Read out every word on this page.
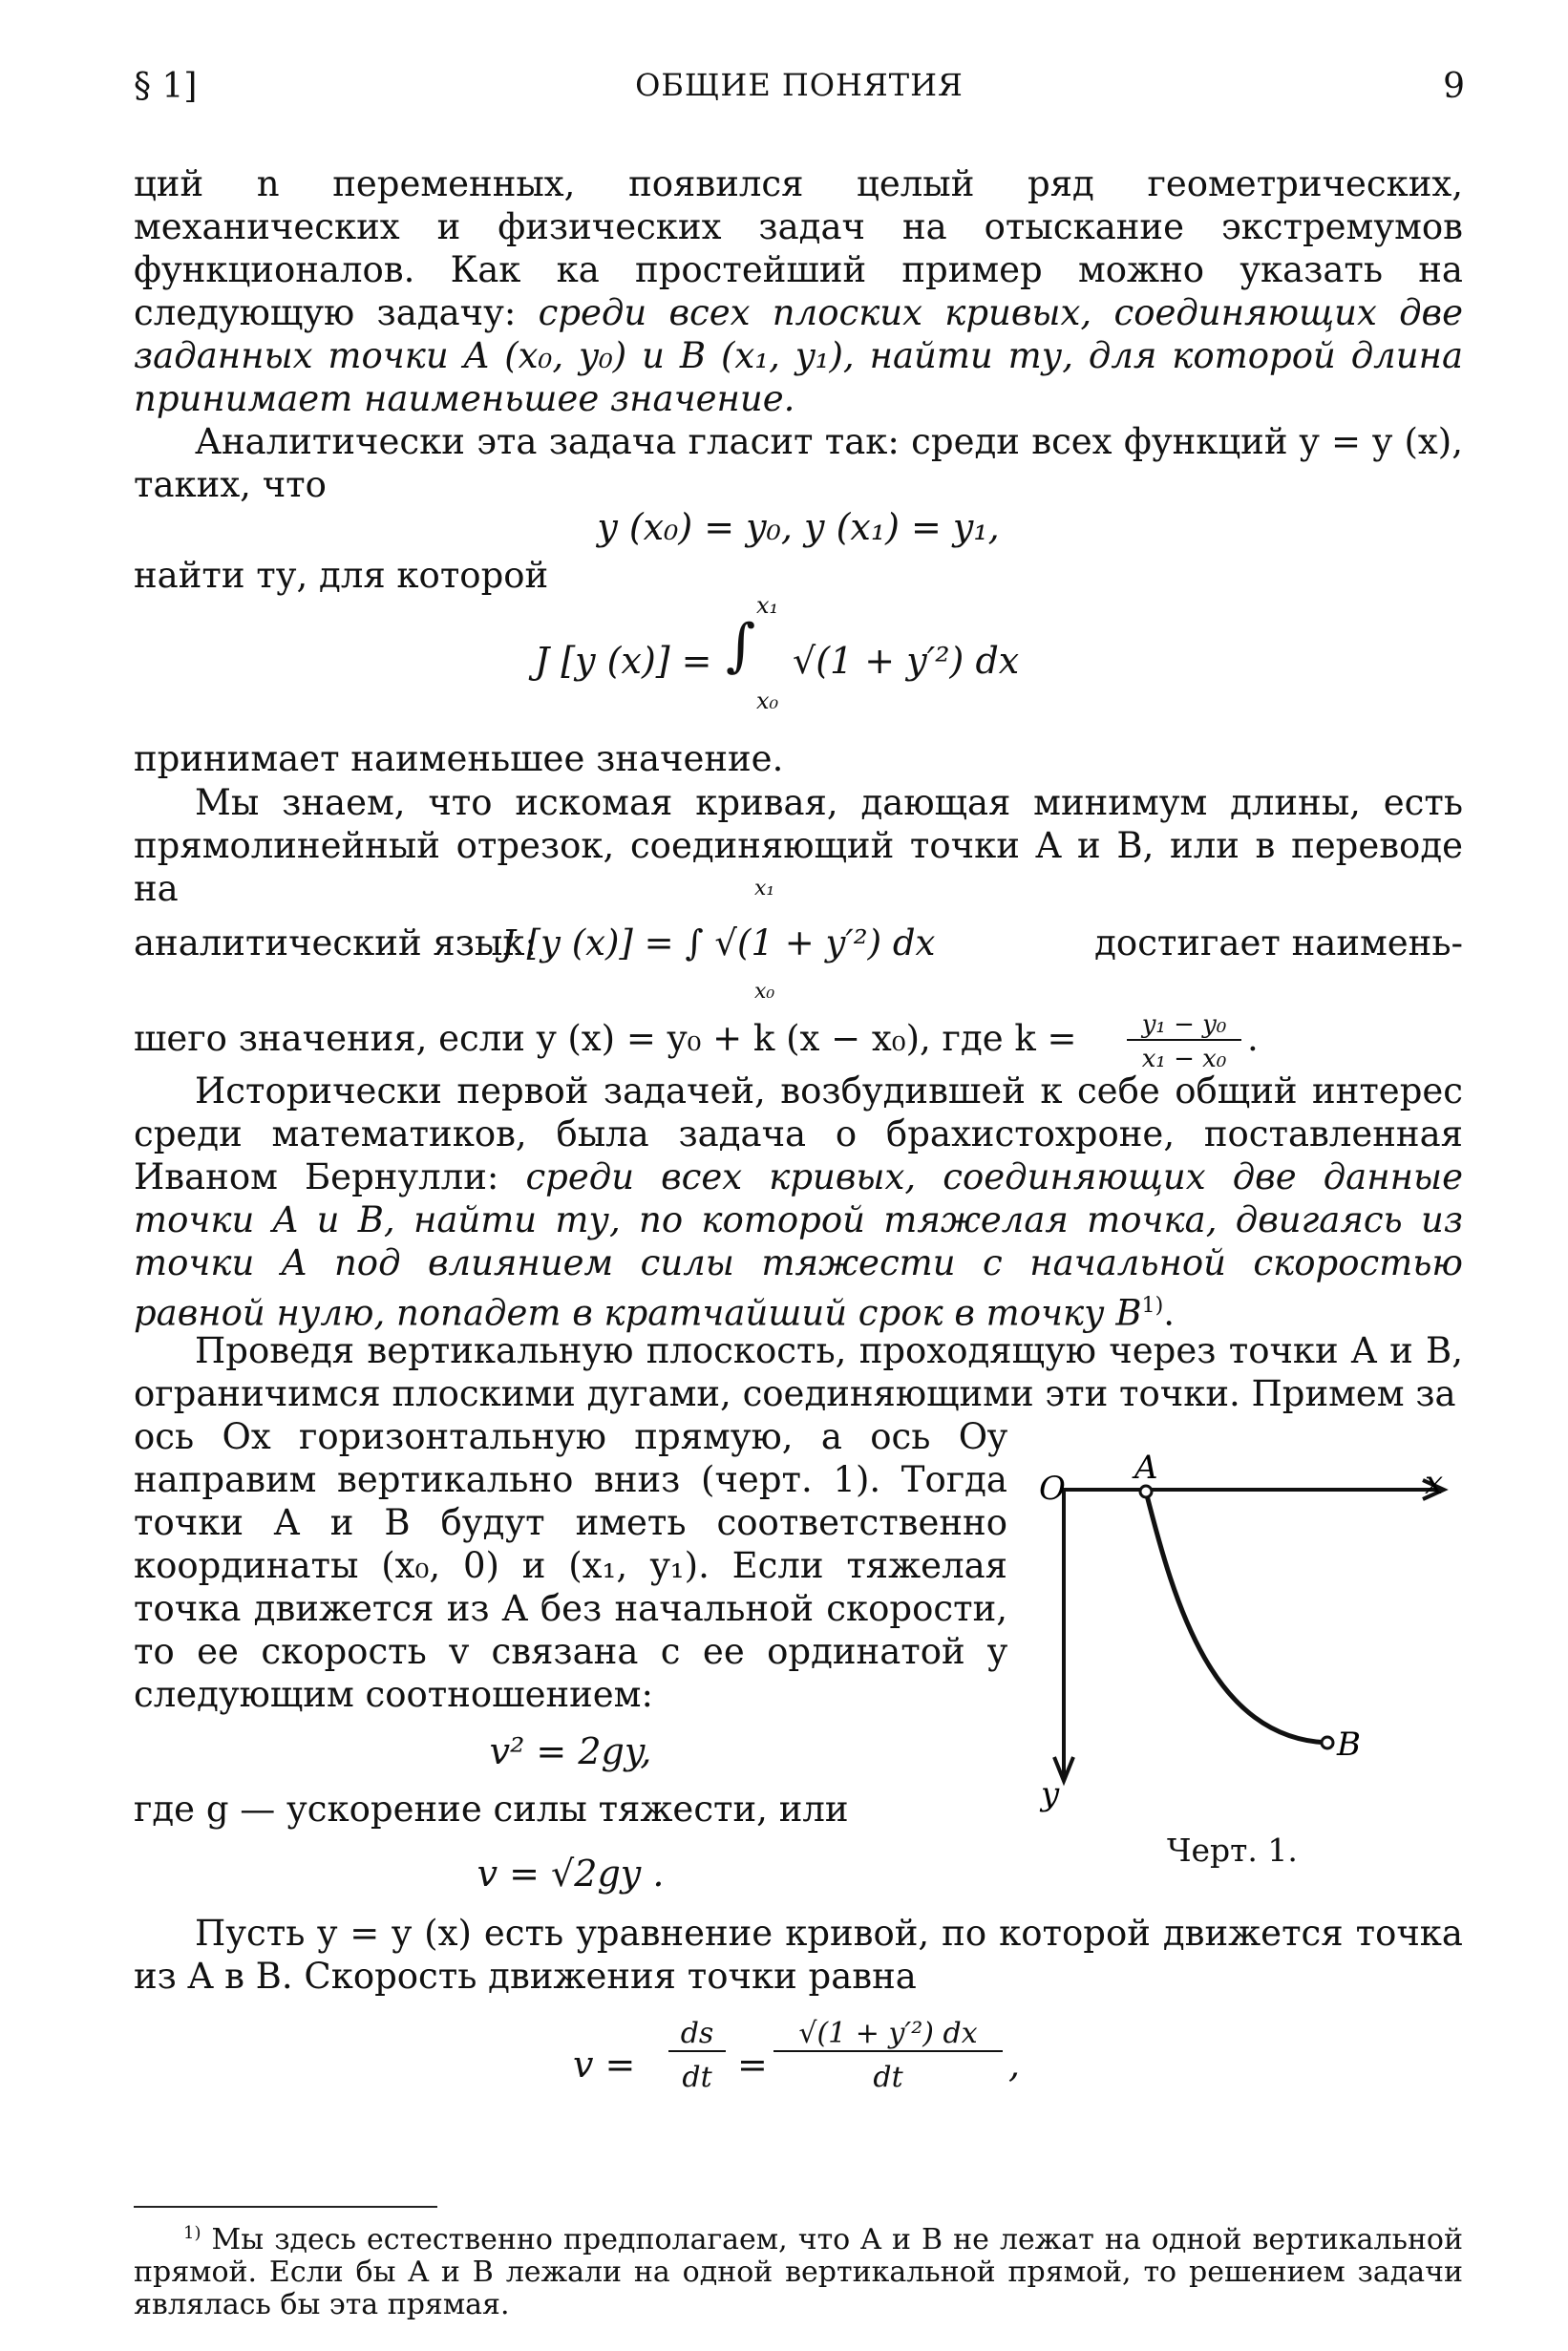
§ 1]	ОБЩИЕ ПОНЯТИЯ	9

ций n переменных, появился целый ряд геометрических, механических и физических задач на отыскание экстремумов функционалов. Как ка простейший пример можно указать на следующую задачу: среди всех плоских кривых, соединяющих две заданных точки A (x₀, y₀) и B (x₁, y₁), найти ту, для которой длина принимает наименьшее значение.

Аналитически эта задача гласит так: среди всех функций y = y (x), таких, что

y (x₀) = y₀, y (x₁) = y₁,

найти ту, для которой

J [y (x)] = ∫
x₁
x₀
√(1 + y′²) dx

принимает наименьшее значение.

Мы знаем, что искомая кривая, дающая минимум длины, есть прямолинейный отрезок, соединяющий точки A и B, или в переводе на

аналитический язык:
J [y (x)] = ∫ √(1 + y′²) dx
x₁
x₀
достигает наимень-
шего значения, если y (x) = y₀ + k (x − x₀), где k =	y₁ − y₀
x₁ − x₀ .

Исторически первой задачей, возбудившей к себе общий интерес среди математиков, была задача о брахистохроне, поставленная Иваном Бернулли: среди всех кривых, соединяющих две данные точки A и B, найти ту, по которой тяжелая точка, двигаясь из точки A под влиянием силы тяжести с начальной скоростью равной нулю, попадет в кратчайший срок в точку $B^{1)}$.

Проведя вертикальную плоскость, проходящую через точки A и B, ограничимся плоскими дугами, соединяющими эти точки. Примем за

ось Ox горизонтальную прямую, а ось Oy направим вертикально вниз (черт. 1). Тогда точки A и B будут иметь соответственно координаты (x₀, 0) и (x₁, y₁). Если тяжелая точка движется из A без начальной скорости, то ее скорость v связана с ее ординатой y следующим соотношением:

v² = 2gy,

где g — ускорение силы тяжести, или

v = √2gy .
O
A	x
y
B
Черт. 1.

Пусть y = y (x) есть уравнение кривой, по которой движется точка из A в B. Скорость движения точки равна

v =
ds
dt =
√(1 + y′²) dx
dt	,

$^{1)}$ Мы здесь естественно предполагаем, что A и B не лежат на одной вертикальной прямой. Если бы A и B лежали на одной вертикальной прямой, то решением задачи являлась бы эта прямая.
